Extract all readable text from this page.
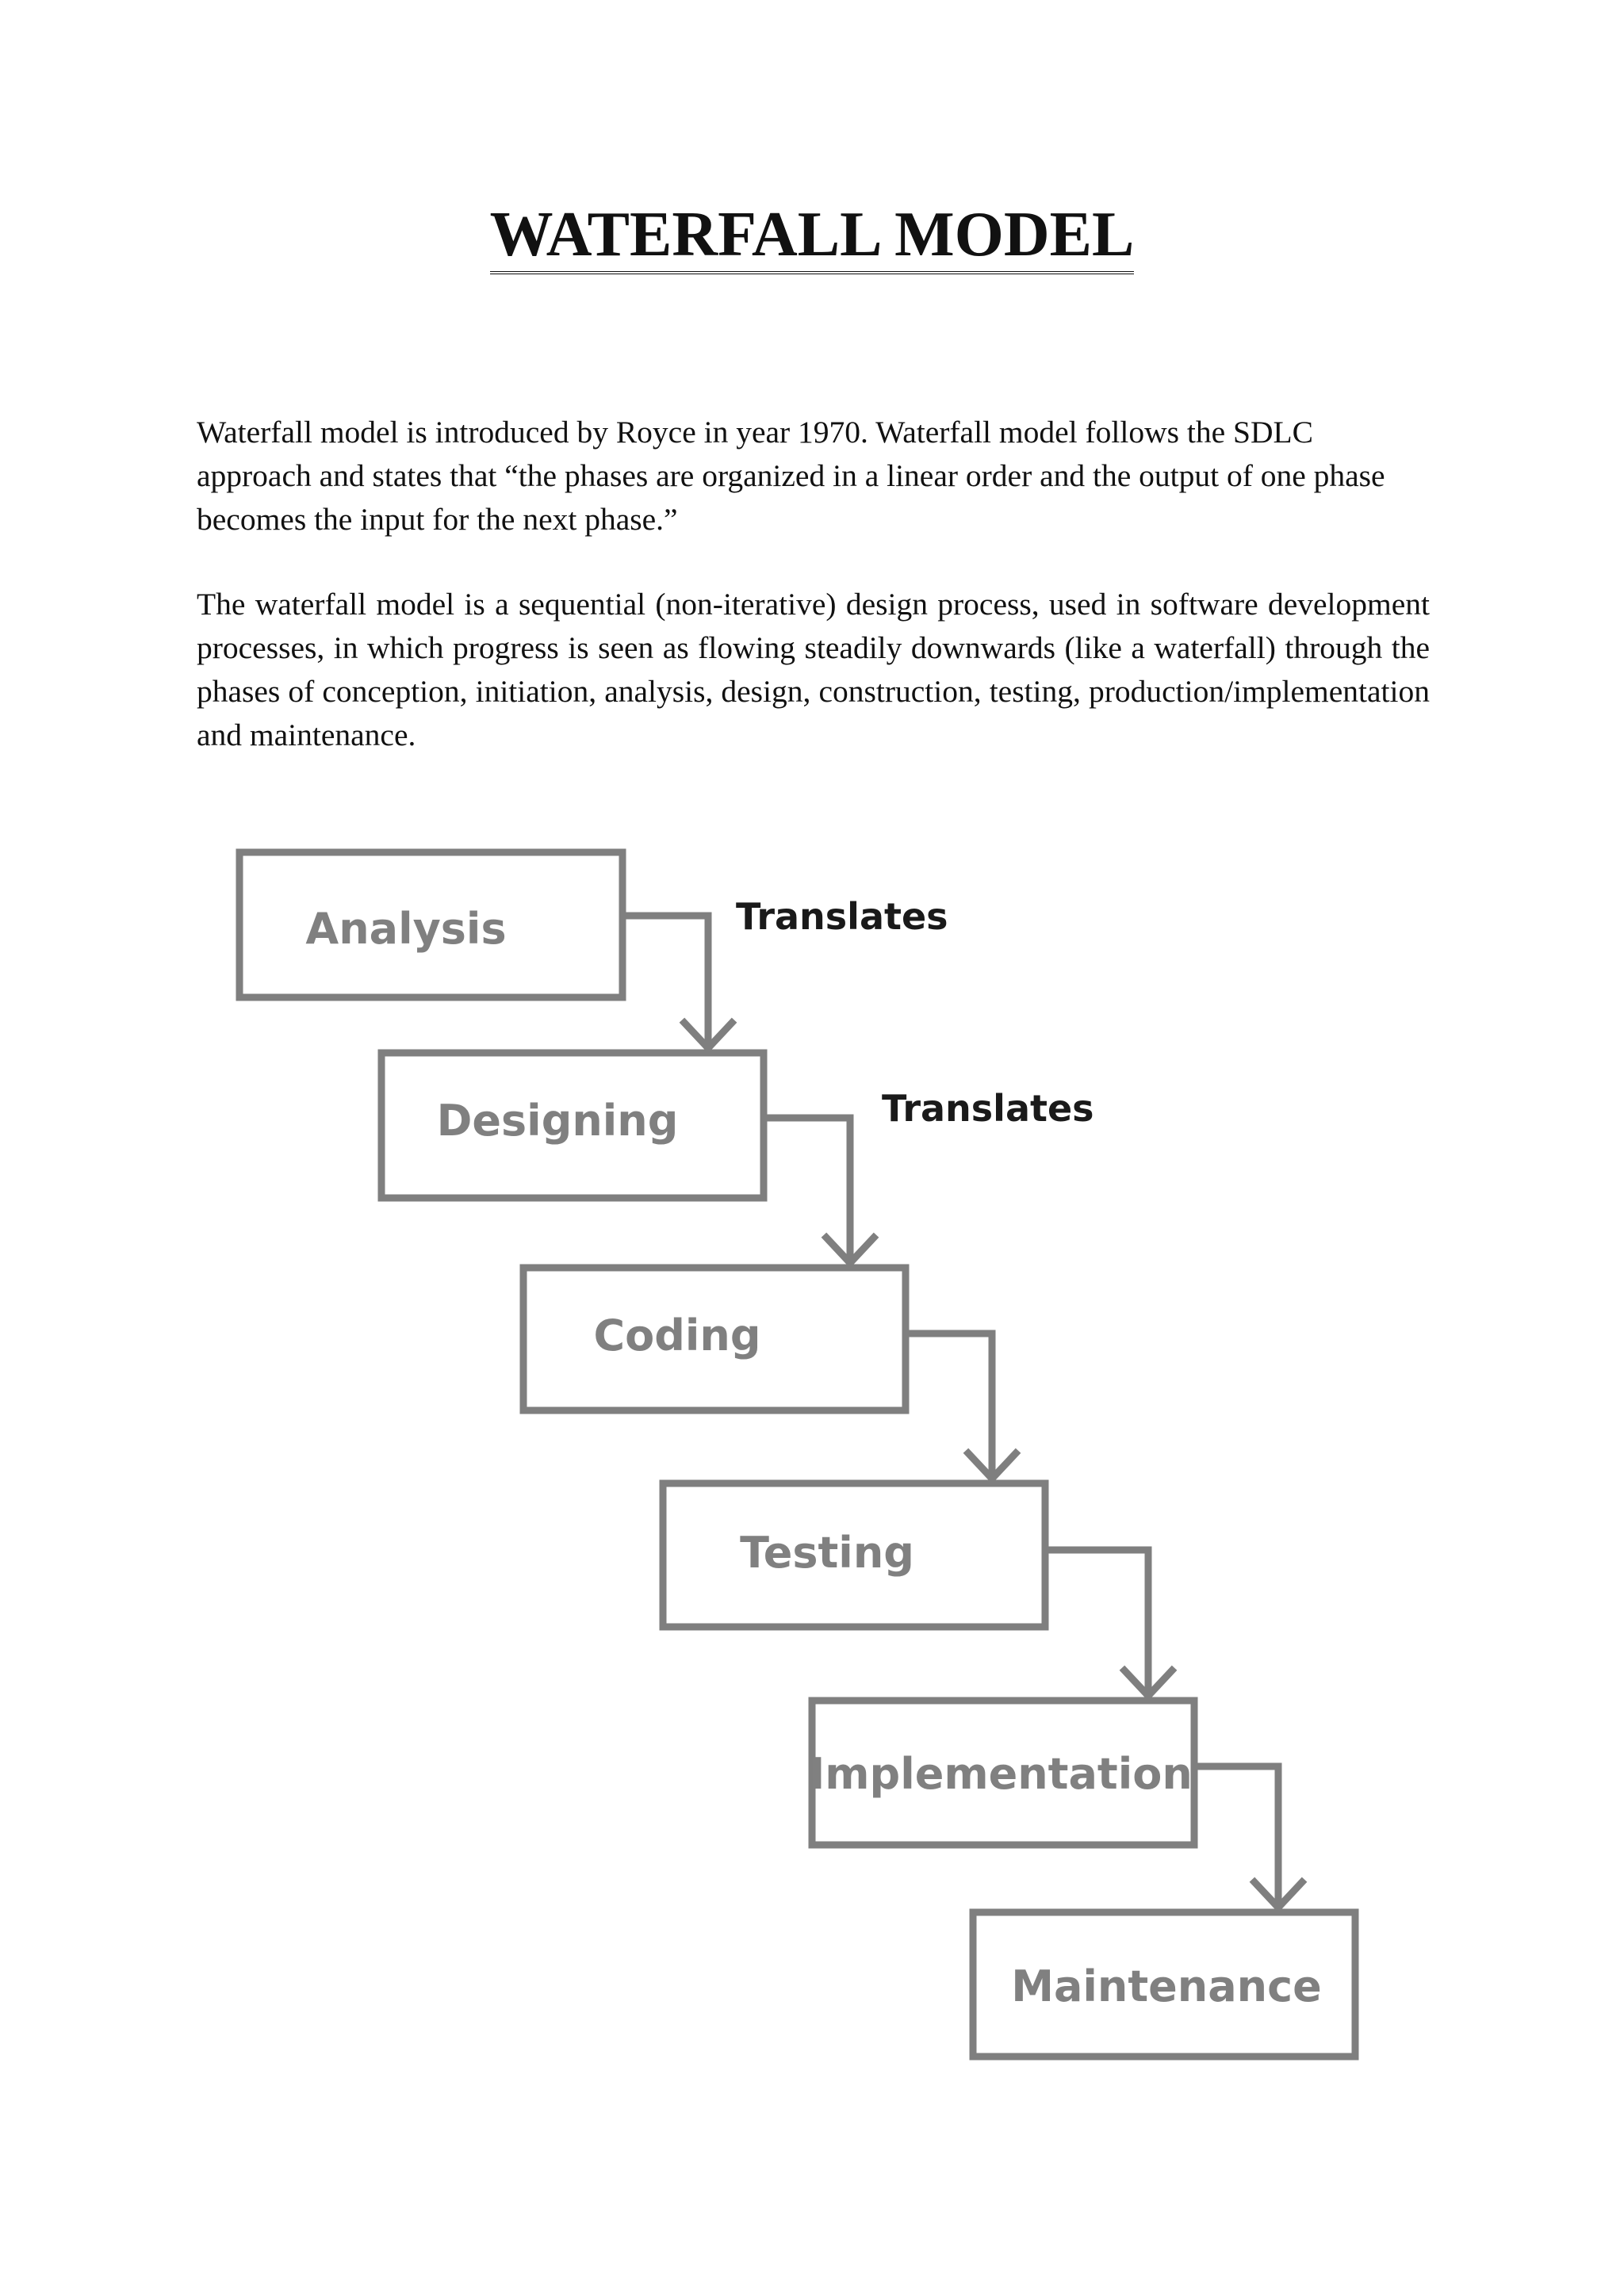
WATERFALL MODEL

Waterfall model is introduced by Royce in year 1970. Waterfall model follows the SDLC approach and states that “the phases are organized in a linear order and the output of one phase becomes the input for the next phase.”

The waterfall model is a sequential (non-iterative) design process, used in software development processes, in which progress is seen as flowing steadily downwards (like a waterfall) through the phases of conception, initiation, analysis, design, construction, testing, production/implementation and maintenance.

Analysis
Designing
Coding
Testing
Implementation
Maintenance
Translates
Translates
